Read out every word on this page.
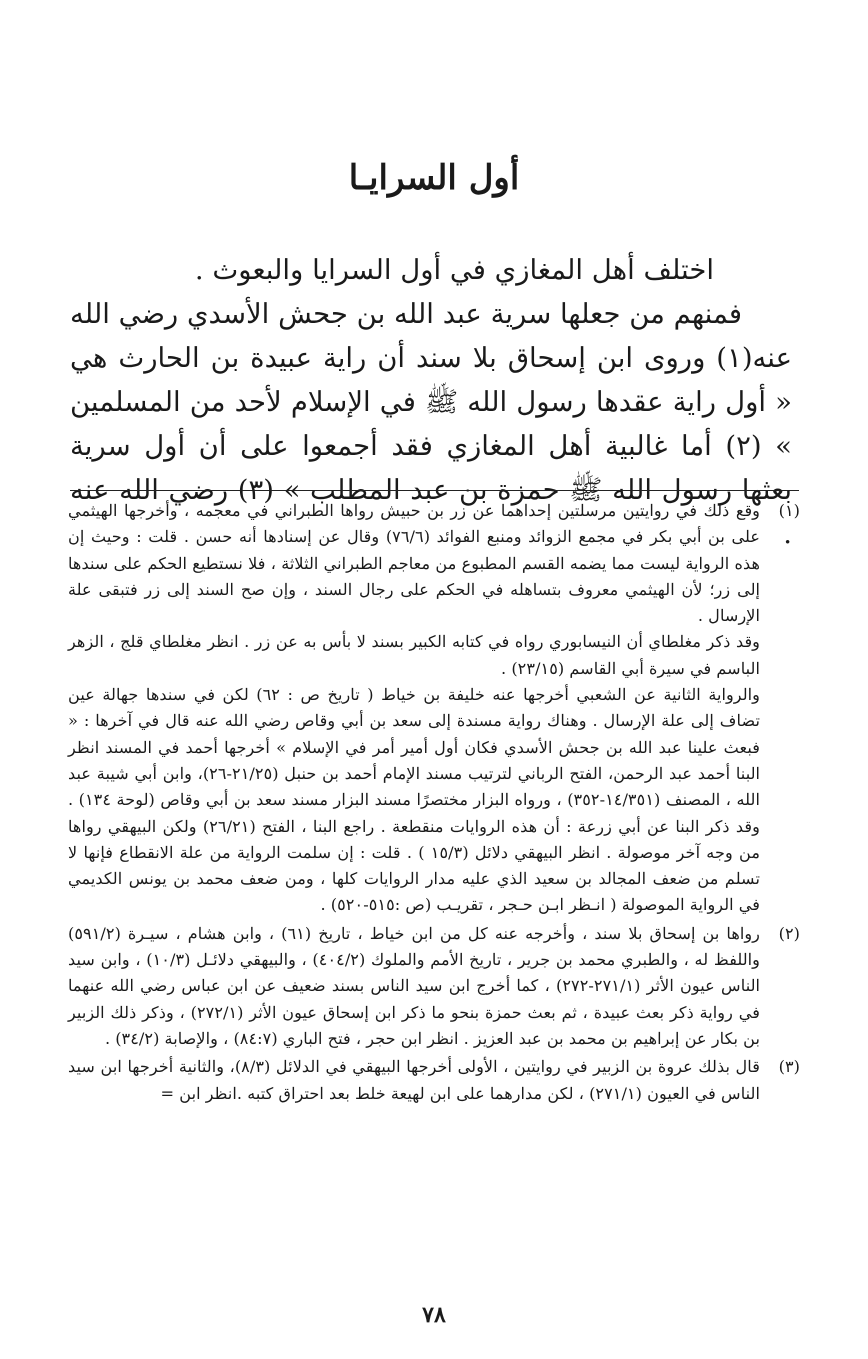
أول السرايـا

اختلف أهل المغازي في أول السرايا والبعوث .

فمنهم من جعلها سرية عبد الله بن جحش الأسدي رضي الله عنه(١) وروى ابن إسحاق بلا سند أن راية عبيدة بن الحارث هي « أول راية عقدها رسول الله ﷺ في الإسلام لأحد من المسلمين » (٢) أما غالبية أهل المغازي فقد أجمعوا على أن أول سرية بعثها رسول الله ﷺ حمزة بن عبد المطلب » (٣) رضي الله عنه .

(١)

وقع ذلك في روايتين مرسلتين إحداهما عن زر بن حبيش رواها الطبراني في معجمه ، وأخرجها الهيثمي على بن أبي بكر في مجمع الزوائد ومنبع الفوائد (٧٦/٦) وقال عن إسنادها أنه حسن . قلت : وحيث إن هذه الرواية ليست مما يضمه القسم المطبوع من معاجم الطبراني الثلاثة ، فلا نستطيع الحكم على سندها إلى زر؛ لأن الهيثمي معروف بتساهله في الحكم على رجال السند ، وإن صح السند إلى زر فتبقى علة الإرسال .

وقد ذكر مغلطاي أن النيسابوري رواه في كتابه الكبير بسند لا بأس به عن زر . انظر مغلطاي قلج ، الزهر الباسم في سيرة أبي القاسم (٢٣/١٥) .

والرواية الثانية عن الشعبي أخرجها عنه خليفة بن خياط ( تاريخ ص : ٦٢) لكن في سندها جهالة عين تضاف إلى علة الإرسال . وهناك رواية مسندة إلى سعد بن أبي وقاص رضي الله عنه قال في آخرها : « فبعث علينا عبد الله بن جحش الأسدي فكان أول أمير أمر في الإسلام » أخرجها أحمد في المسند انظر البنا أحمد عبد الرحمن، الفتح الرباني لترتيب مسند الإمام أحمد بن حنبل (٢١/٢٥-٢٦)، وابن أبي شيبة عبد الله ، المصنف (١٤/٣٥١-٣٥٢) ، ورواه البزار مختصرًا مسند البزار مسند سعد بن أبي وقاص (لوحة ١٣٤) . وقد ذكر البنا عن أبي زرعة : أن هذه الروايات منقطعة . راجع البنا ، الفتح (٢٦/٢١) ولكن البيهقي رواها من وجه آخر موصولة . انظر البيهقي دلائل (١٥/٣ ) . قلت : إن سلمت الرواية من علة الانقطاع فإنها لا تسلم من ضعف المجالد بن سعيد الذي عليه مدار الروايات كلها ، ومن ضعف محمد بن يونس الكديمي في الرواية الموصولة ( انـظر ابـن حـجر ، تقريـب (ص :٥١٥-٥٢٠) .

(٢)

رواها بن إسحاق بلا سند ، وأخرجه عنه كل من ابن خياط ، تاريخ (٦١) ، وابن هشام ، سيـرة (٥٩١/٢) واللفظ له ، والطبري محمد بن جرير ، تاريخ الأمم والملوك (٤٠٤/٢) ، والبيهقي دلائـل (١٠/٣) ، وابن سيد الناس عيون الأثر (٢٧١/١-٢٧٢) ، كما أخرج ابن سيد الناس بسند ضعيف عن ابن عباس رضي الله عنهما في رواية ذكر بعث عبيدة ، ثم بعث حمزة بنحو ما ذكر ابن إسحاق عيون الأثر (٢٧٢/١) ، وذكر ذلك الزبير بن بكار عن إبراهيم بن محمد بن عبد العزيز . انظر ابن حجر ، فتح الباري (٨٤:٧) ، والإصابة (٣٤/٢) .

(٣)

قال بذلك عروة بن الزبير في روايتين ، الأولى أخرجها البيهقي في الدلائل (٨/٣)، والثانية أخرجها ابن سيد الناس في العيون (٢٧١/١) ، لكن مدارهما على ابن لهيعة خلط بعد احتراق كتبه .انظر ابن =

٧٨
